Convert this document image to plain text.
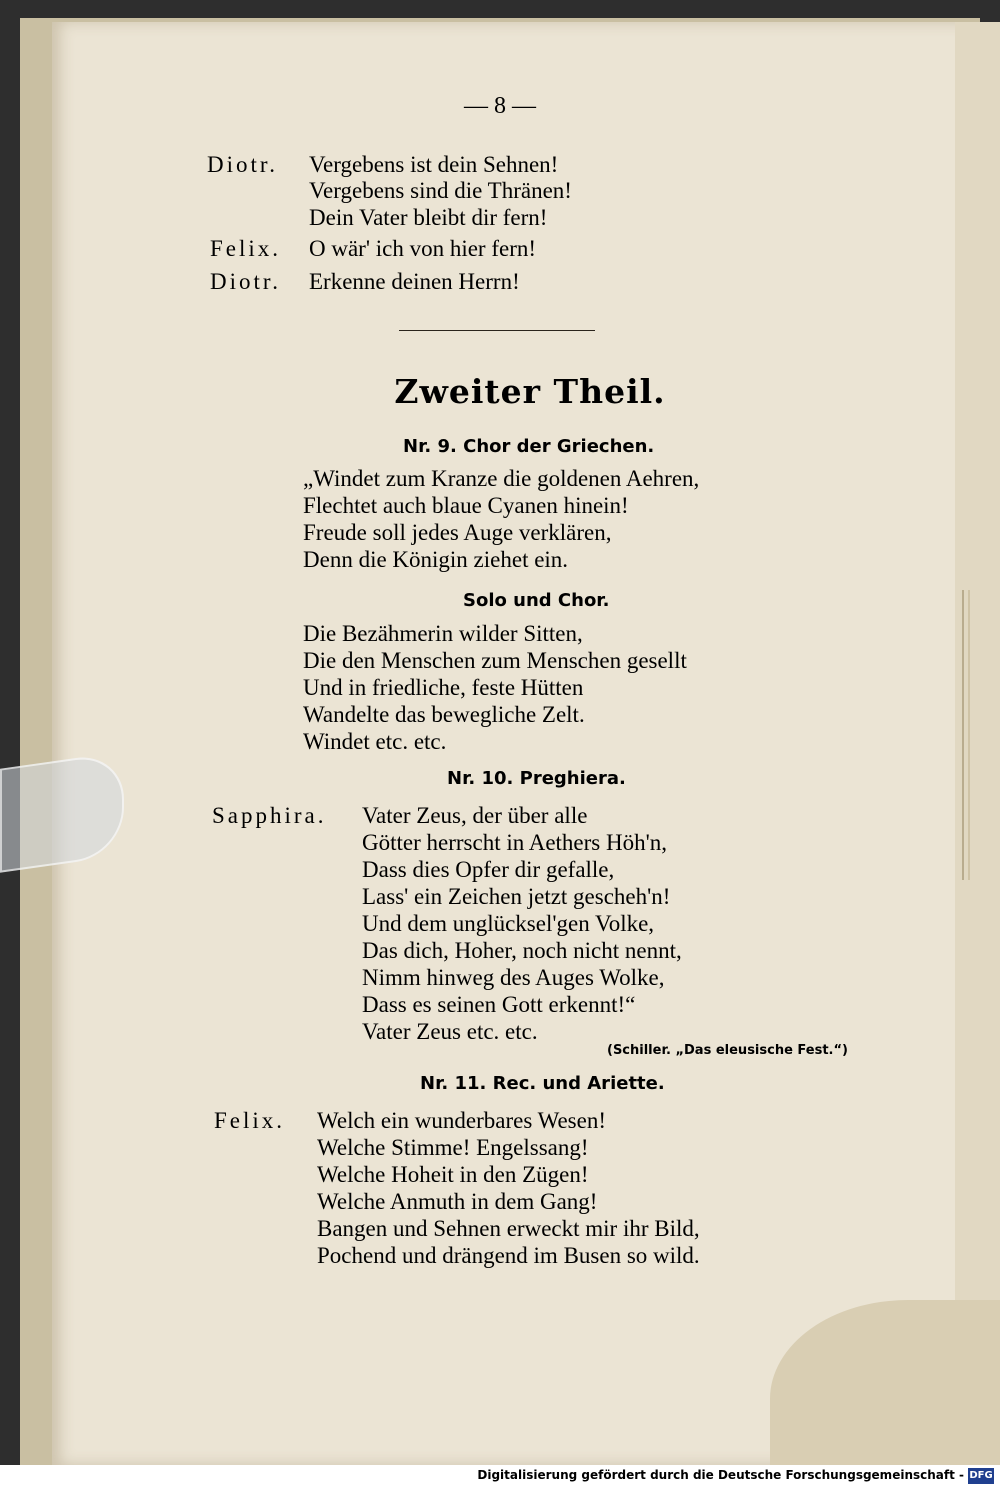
— 8 —
Diotr. Vergebens ist dein Sehnen!
Vergebens sind die Thränen!
Dein Vater bleibt dir fern!
Felix. O wär' ich von hier fern!
Diotr. Erkenne deinen Herrn!
Zweiter Theil.
Nr. 9. Chor der Griechen.
„Windet zum Kranze die goldenen Aehren,
Flechtet auch blaue Cyanen hinein!
Freude soll jedes Auge verklären,
Denn die Königin ziehet ein.
Solo und Chor.
Die Bezähmerin wilder Sitten,
Die den Menschen zum Menschen gesellt
Und in friedliche, feste Hütten
Wandelte das bewegliche Zelt.
Windet etc. etc.
Nr. 10. Preghiera.
Sapphira. Vater Zeus, der über alle
Götter herrscht in Aethers Höh'n,
Dass dies Opfer dir gefalle,
Lass' ein Zeichen jetzt gescheh'n!
Und dem unglücksel'gen Volke,
Das dich, Hoher, noch nicht nennt,
Nimm hinweg des Auges Wolke,
Dass es seinen Gott erkennt!“
Vater Zeus etc. etc.
(Schiller. „Das eleusische Fest.“)
Nr. 11. Rec. und Ariette.
Felix. Welch ein wunderbares Wesen!
Welche Stimme! Engelssang!
Welche Hoheit in den Zügen!
Welche Anmuth in dem Gang!
Bangen und Sehnen erweckt mir ihr Bild,
Pochend und drängend im Busen so wild.
Digitalisierung gefördert durch die Deutsche Forschungsgemeinschaft - DFG
